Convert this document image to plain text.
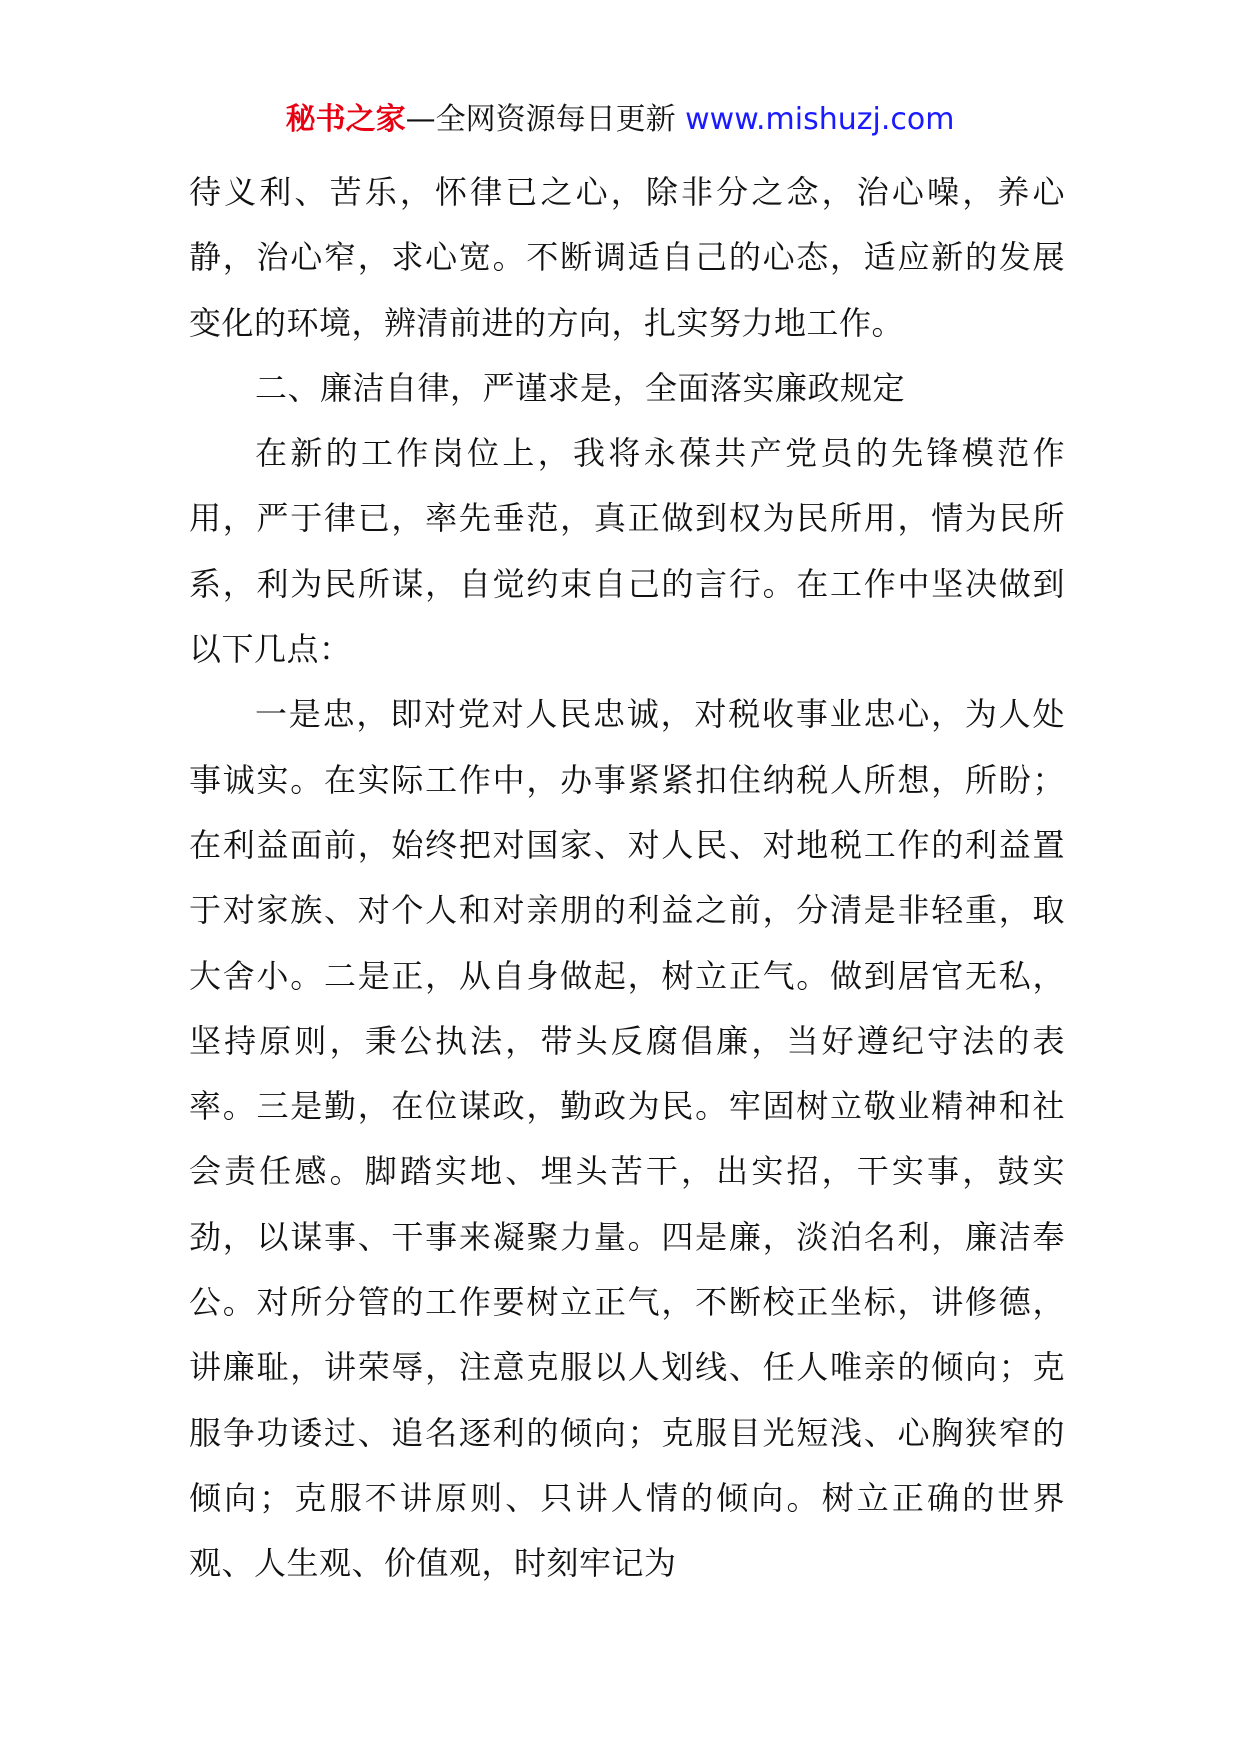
秘书之家—全网资源每日更新 www.mishuzj.com

待义利、苦乐，怀律已之心，除非分之念，治心噪，养心静，治心窄，求心宽。不断调适自己的心态，适应新的发展变化的环境，辨清前进的方向，扎实努力地工作。

二、廉洁自律，严谨求是，全面落实廉政规定

在新的工作岗位上，我将永葆共产党员的先锋模范作用，严于律已，率先垂范，真正做到权为民所用，情为民所系，利为民所谋，自觉约束自己的言行。在工作中坚决做到以下几点：

一是忠，即对党对人民忠诚，对税收事业忠心，为人处事诚实。在实际工作中，办事紧紧扣住纳税人所想，所盼；在利益面前，始终把对国家、对人民、对地税工作的利益置于对家族、对个人和对亲朋的利益之前，分清是非轻重，取大舍小。二是正，从自身做起，树立正气。做到居官无私，坚持原则，秉公执法，带头反腐倡廉，当好遵纪守法的表率。三是勤，在位谋政，勤政为民。牢固树立敬业精神和社会责任感。脚踏实地、埋头苦干，出实招，干实事，鼓实劲，以谋事、干事来凝聚力量。四是廉，淡泊名利，廉洁奉公。对所分管的工作要树立正气，不断校正坐标，讲修德，讲廉耻，讲荣辱，注意克服以人划线、任人唯亲的倾向；克服争功诿过、追名逐利的倾向；克服目光短浅、心胸狭窄的倾向；克服不讲原则、只讲人情的倾向。树立正确的世界观、人生观、价值观，时刻牢记为
